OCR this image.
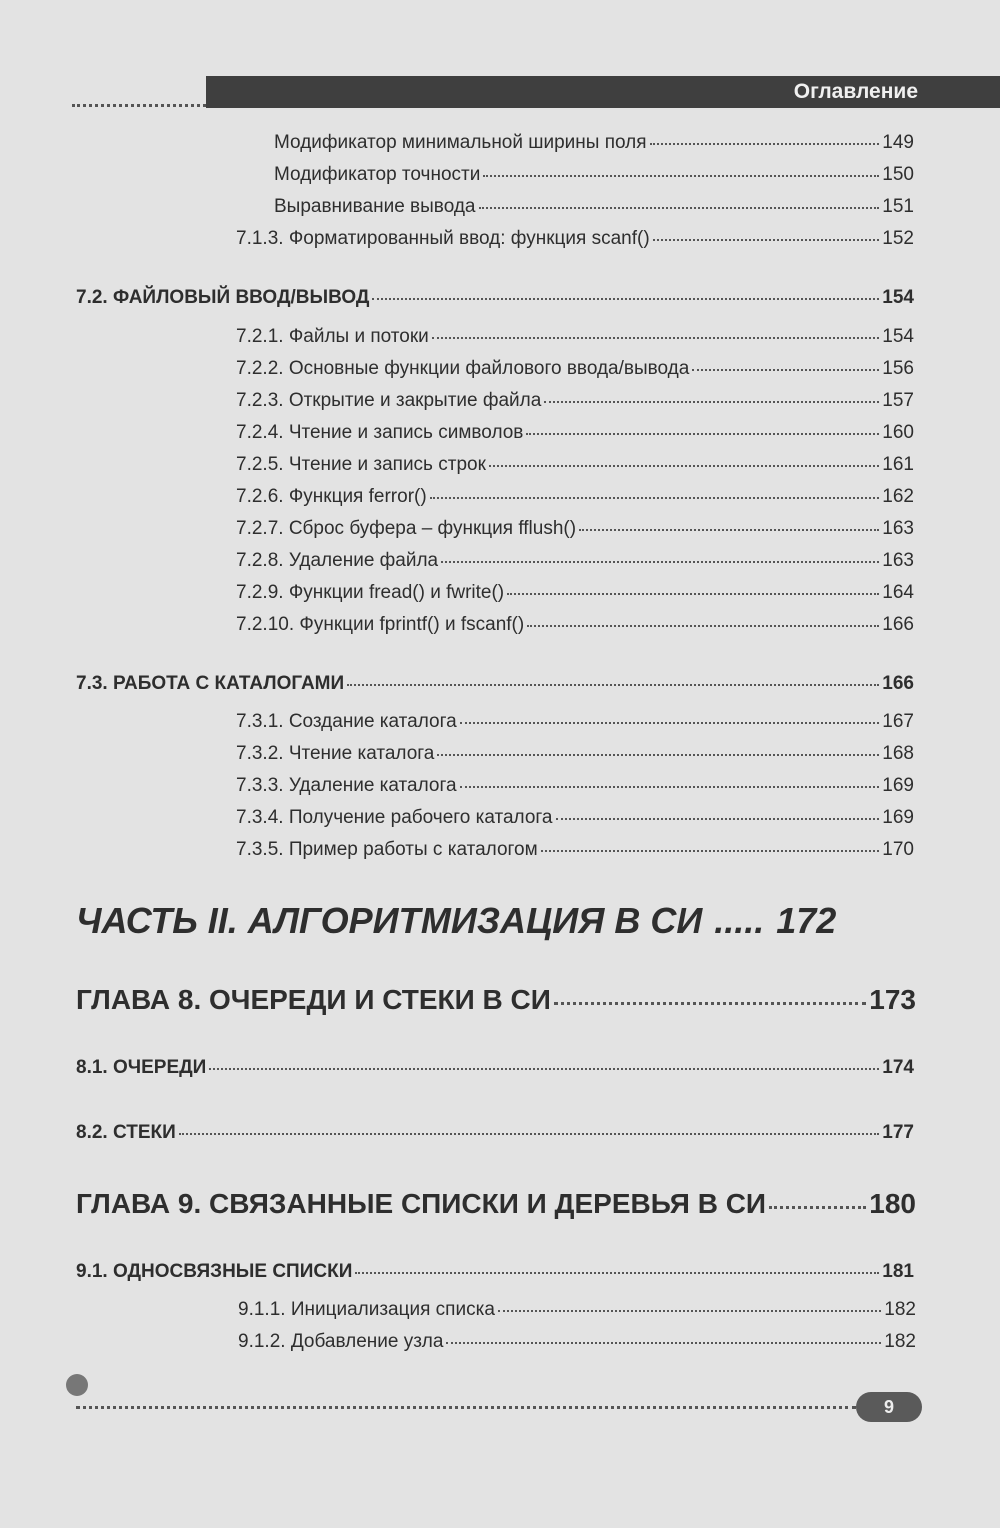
Оглавление
Модификатор минимальной ширины поля	149
Модификатор точности	150
Выравнивание вывода	151
7.1.3. Форматированный ввод: функция scanf()	152
7.2. ФАЙЛОВЫЙ ВВОД/ВЫВОД	154
7.2.1. Файлы и потоки	154
7.2.2. Основные функции файлового ввода/вывода	156
7.2.3. Открытие и закрытие файла	157
7.2.4. Чтение и запись символов	160
7.2.5. Чтение и запись строк	161
7.2.6. Функция ferror()	162
7.2.7. Сброс буфера – функция fflush()	163
7.2.8. Удаление файла	163
7.2.9. Функции fread() и fwrite()	164
7.2.10. Функции fprintf() и fscanf()	166
7.3. РАБОТА С КАТАЛОГАМИ	166
7.3.1. Создание каталога	167
7.3.2. Чтение каталога	168
7.3.3. Удаление каталога	169
7.3.4. Получение рабочего каталога	169
7.3.5. Пример работы с каталогом	170
ЧАСТЬ II. АЛГОРИТМИЗАЦИЯ В СИ ..... 172
ГЛАВА 8. ОЧЕРЕДИ И СТЕКИ В СИ	173
8.1. ОЧЕРЕДИ	174
8.2. СТЕКИ	177
ГЛАВА 9. СВЯЗАННЫЕ СПИСКИ И ДЕРЕВЬЯ В СИ	180
9.1. ОДНОСВЯЗНЫЕ СПИСКИ	181
9.1.1. Инициализация списка	182
9.1.2. Добавление узла	182
9
